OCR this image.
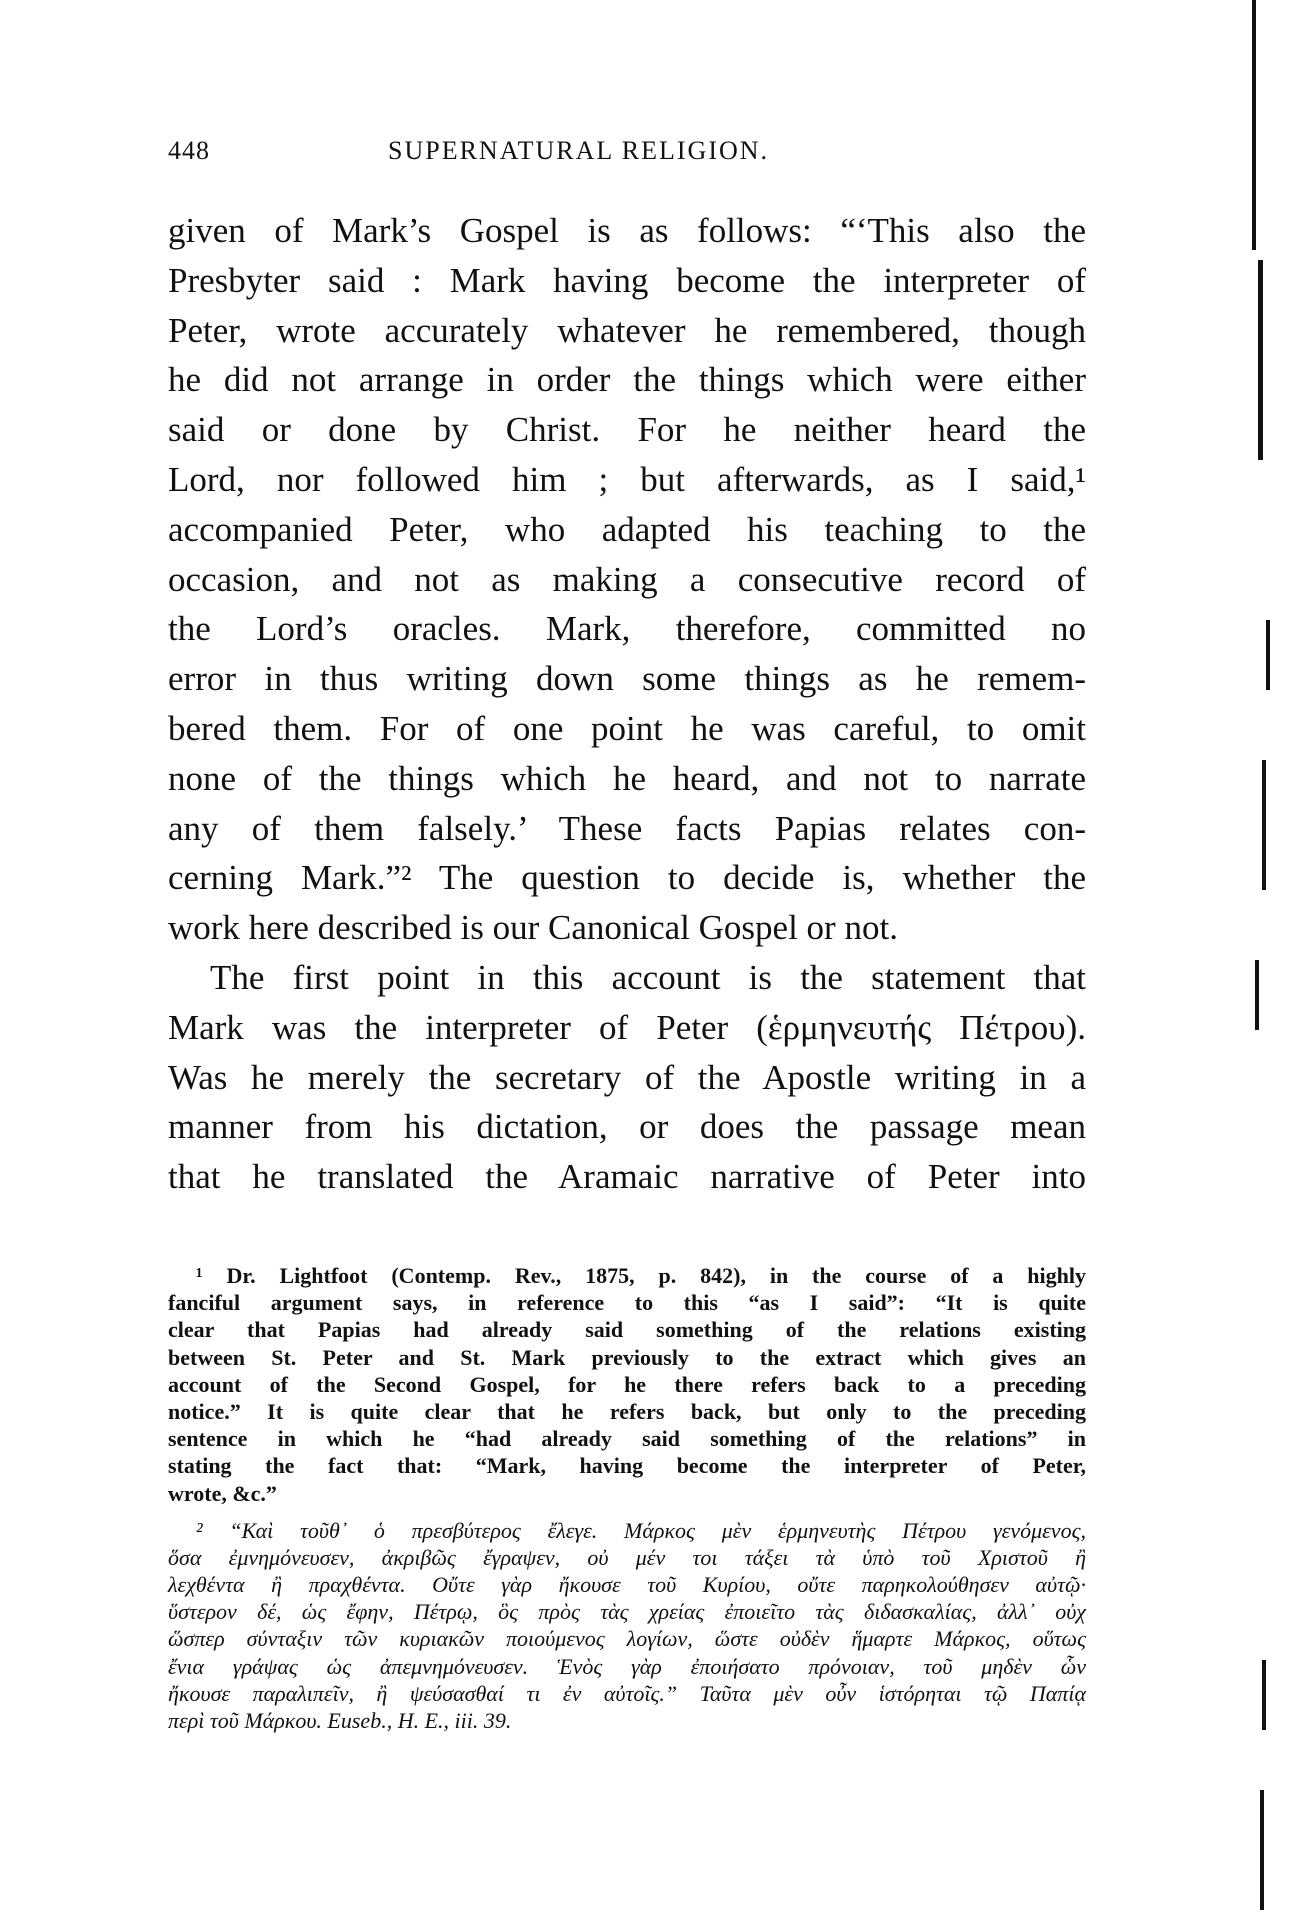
448	SUPERNATURAL RELIGION.
given of Mark’s Gospel is as follows: “‘This also the
Presbyter said : Mark having become the interpreter of
Peter, wrote accurately whatever he remembered, though
he did not arrange in order the things which were either
said or done by Christ. For he neither heard the
Lord, nor followed him ; but afterwards, as I said,¹
accompanied Peter, who adapted his teaching to the
occasion, and not as making a consecutive record of
the Lord’s oracles. Mark, therefore, committed no
error in thus writing down some things as he remem-
bered them. For of one point he was careful, to omit
none of the things which he heard, and not to narrate
any of them falsely.’ These facts Papias relates con-
cerning Mark.”² The question to decide is, whether the
work here described is our Canonical Gospel or not.
The first point in this account is the statement that
Mark was the interpreter of Peter (ἑρμηνευτής Πέτρου).
Was he merely the secretary of the Apostle writing in a
manner from his dictation, or does the passage mean
that he translated the Aramaic narrative of Peter into
¹ Dr. Lightfoot (Contemp. Rev., 1875, p. 842), in the course of a highly
fanciful argument says, in reference to this “as I said”: “It is quite
clear that Papias had already said something of the relations existing
between St. Peter and St. Mark previously to the extract which gives an
account of the Second Gospel, for he there refers back to a preceding
notice.” It is quite clear that he refers back, but only to the preceding
sentence in which he “had already said something of the relations” in
stating the fact that: “Mark, having become the interpreter of Peter,
wrote, &c.”
² “Καὶ τοῦθ᾽ ὁ πρεσβύτερος ἔλεγε. Μάρκος μὲν ἑρμηνευτὴς Πέτρου γενόμενος,
ὅσα ἐμνημόνευσεν, ἀκριβῶς ἔγραψεν, οὐ μέν τοι τάξει τὰ ὑπὸ τοῦ Χριστοῦ ἢ
λεχθέντα ἢ πραχθέντα. Οὔτε γὰρ ἤκουσε τοῦ Κυρίου, οὔτε παρηκολούθησεν αὐτῷ·
ὕστερον δέ, ὡς ἔφην, Πέτρῳ, ὃς πρὸς τὰς χρείας ἐποιεῖτο τὰς διδασκαλίας, ἀλλ᾽ οὐχ
ὥσπερ σύνταξιν τῶν κυριακῶν ποιούμενος λογίων, ὥστε οὐδὲν ἥμαρτε Μάρκος, οὕτως
ἔνια γράψας ὡς ἀπεμνημόνευσεν. Ἑνὸς γὰρ ἐποιήσατο πρόνοιαν, τοῦ μηδὲν ὧν
ἤκουσε παραλιπεῖν, ἢ ψεύσασθαί τι ἐν αὐτοῖς.” Ταῦτα μὲν οὖν ἱστόρηται τῷ Παπίᾳ
περὶ τοῦ Μάρκου. Euseb., H. E., iii. 39.
